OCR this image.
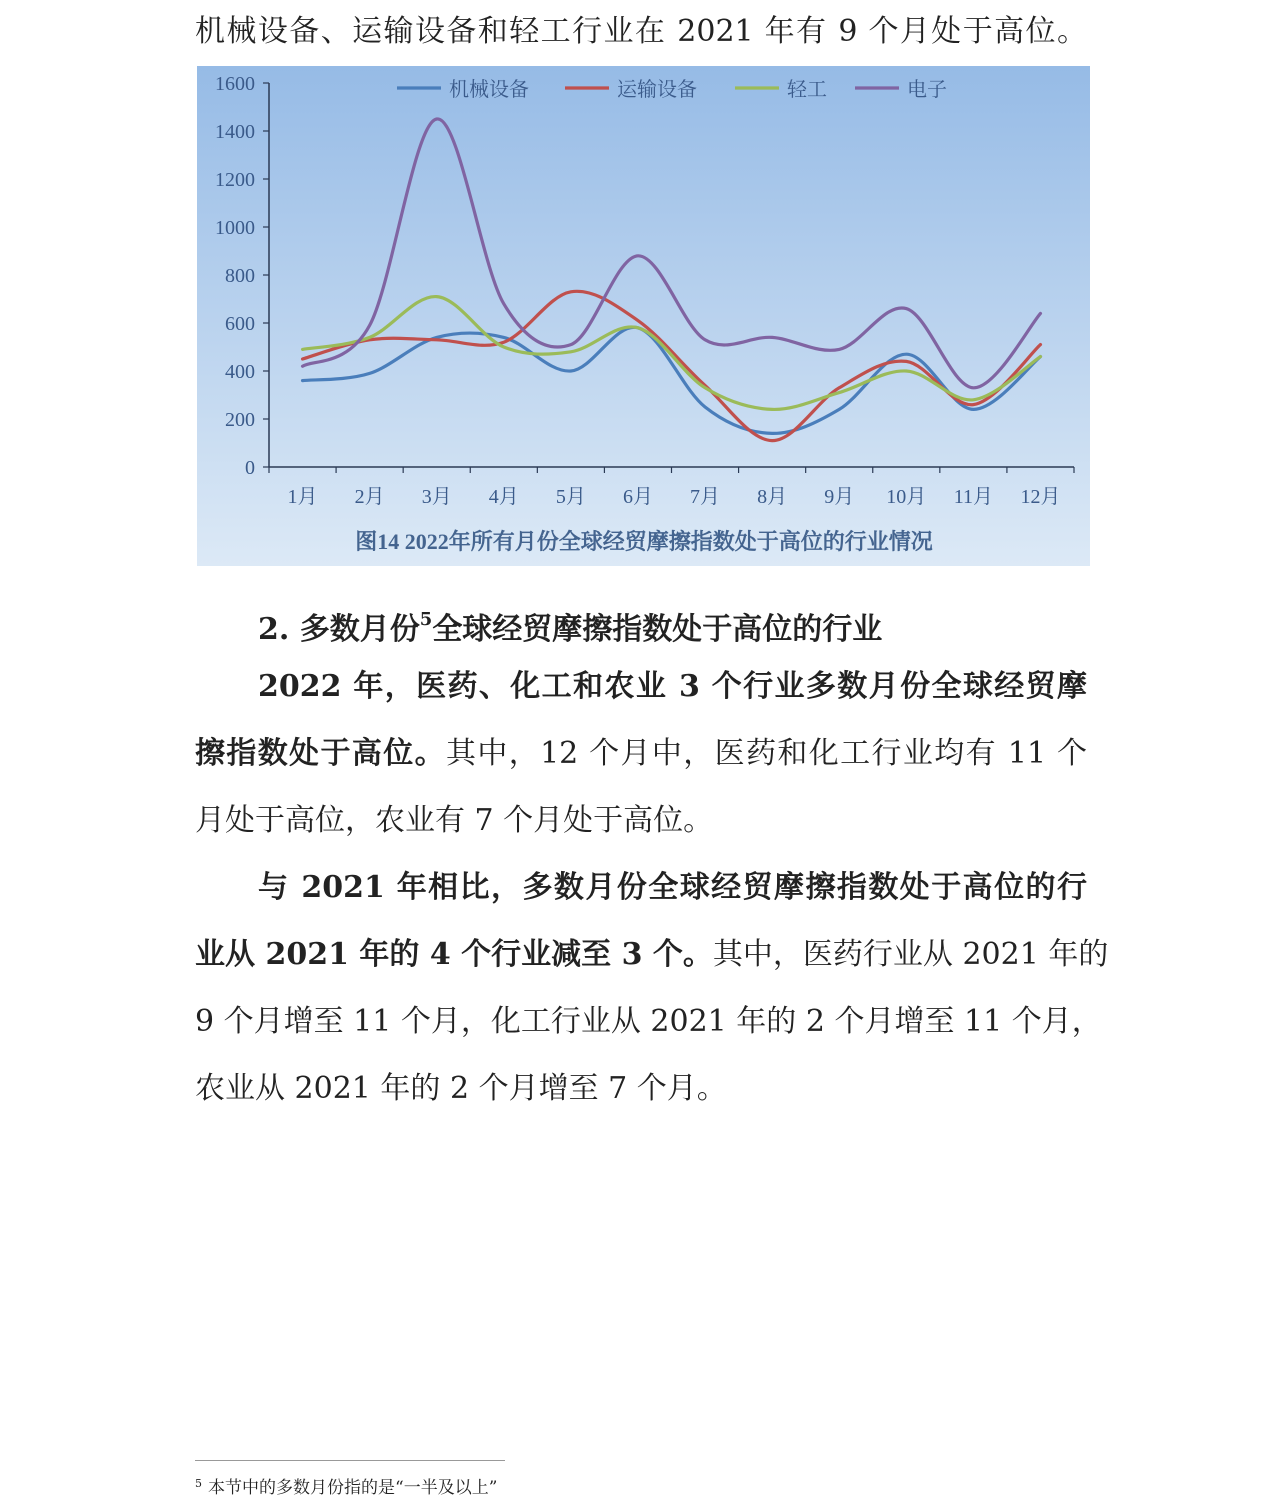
机械设备、运输设备和轻工行业在 2021 年有 9 个月处于高位。
0
200
400
600
800
1000
1200
1400
1600
1月 2月 3月 4月 5月 6月 7月 8月 9月 10月 11月 12月
机械设备	运输设备	轻工	电子
图14 2022年所有月份全球经贸摩擦指数处于高位的行业情况
2. 多数月份$^5$全球经贸摩擦指数处于高位的行业
2022 年，医药、化工和农业 3 个行业多数月份全球经贸摩
擦指数处于高位。其中，12 个月中，医药和化工行业均有 11 个
月处于高位，农业有 7 个月处于高位。
与 2021 年相比，多数月份全球经贸摩擦指数处于高位的行
业从 2021 年的 4 个行业减至 3 个。其中，医药行业从 2021 年的
9 个月增至 11 个月，化工行业从 2021 年的 2 个月增至 11 个月，
农业从 2021 年的 2 个月增至 7 个月。
$^5$ 本节中的多数月份指的是“一半及以上”
